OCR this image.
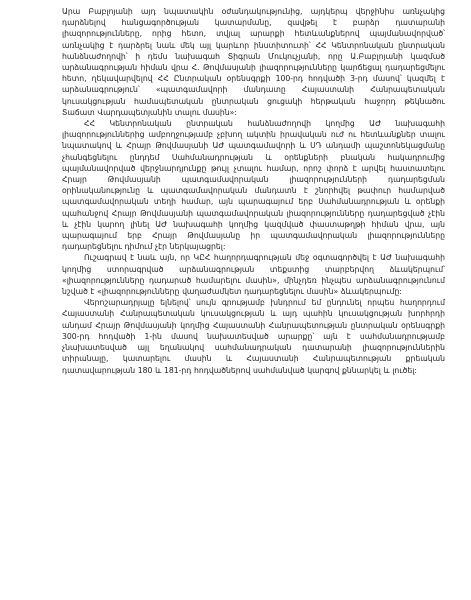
Արա Բաբլոյանի այդ նպատակին օժանդակությունից, այդկերպ վերջինիս առնչակից դարձնելով հանցագործության կատարմանը, զավթել է բարձր դատարանի լիազորությունները, որից հետո, տվյալ արարքի հետևանքներով պայմանավորված՝ առնչակից է դարձրել նաև մեկ այլ կարևոր ինստիտուտի՝ ՀՀ Կենտրոնական ընտրական հանձնաժողովի՝ ի դեմս նախագահ Տիգրան Մուկուչյանի, որը Ա.Բաբլոյանի կազմած արձանագրության հիման վրա Հ. Թովմասյանի լիազորությունները կարճեցալ դադարեցմելու հետո, ղեկավարվելով ՀՀ Ընտրական օրենսգրքի 100-րդ հոդվածի 3-րդ մասով՝ կազմել է արձանագրություն՝ «պատգամավորի մանդատը Հայաստանի Հանրապետական կուսակցության համապետական ընտրական ցուցակի հերթական հաջորդ թեկնածու Տաճատ Վարդապետյանին տալու մասին»:

ՀՀ Կենտրոնական ընտրական հանձնաժողովի կողմից ԱԺ նախագահի լիազորություններից ամբողջությամբ չբխող ակտին իրավական ուժ ու հետևանքներ տալու նպատակով և Հրայր Թովմասյանի ԱԺ պատգամավորի և ՍԴ անդամի պաշտոնեկացմանը չհանգեցնելու ընդդեմ Սահմանադրության և օրենքների բնական հակադրումից պայմանավորված վերջնարդյունքը թույլ չտալու համար, որոշ փորձ է արվել հաստատելու Հրայր Թովմասյանի պատգամավորական լիազորությունների դադարեցման օրինականությունը և պատգամավորական մանդատն է շնորհվել թափուր համարված պատգամավորական տեղի համար, այն պարագայում երբ Սահմանադրության և օրենքի պահանջով Հրայր Թովմասյանի պատգամավորական լիազորությունները դադարեցված չէին և չէին կարող լինել ԱԺ նախագահի կողմից կազմված փաստաթղթի հիման վրա, այն պարագայում երբ Հրայր Թովմասյանը իր պատգամավորական լիազորությունները դադարեցնելու դիմում չէր ներկայացրել:

Ուշագրավ է նաև այն, որ ԿԸՀ հաղորդագրության մեջ օգտագործվել է ԱԺ նախագահի կողմից ստորագրված արձանագրության տեքստից տարբերվող ձևակերպում՝ «լիազորությունները դադարած համարելու մասին», մինչդեռ ինչպես արձանագրությունում նշված է «լիազորությունները վաղաժամկետ դադարեցնելու մասին» ձևակերպումը:

Վերոշարադրյալը ելնելով՝ սույն գրությամբ խնդրում եմ ընդունել որպես հաղորդում Հայաստանի Հանրապետական կուսակցության և այդ պահին կուսակցության խորհրդի անդամ Հրայր Թովմասյանի կողմից Հայաստանի Հանրապետության ընտրական օրենսգրքի 300-րդ հոդվածի 1-ին մասով նախատեսված արարքը՝ այն է սահմանադրությամբ չնախատեսված այլ եղանակով սահմանադրական դատարանի լիազորություններին տիրանալը, կատարելու մասին և Հայաստանի Հանրապետության քրեական դատավարության 180 և 181-րդ հոդվածներով սահմանված կարգով քննարկել և լուծել:
